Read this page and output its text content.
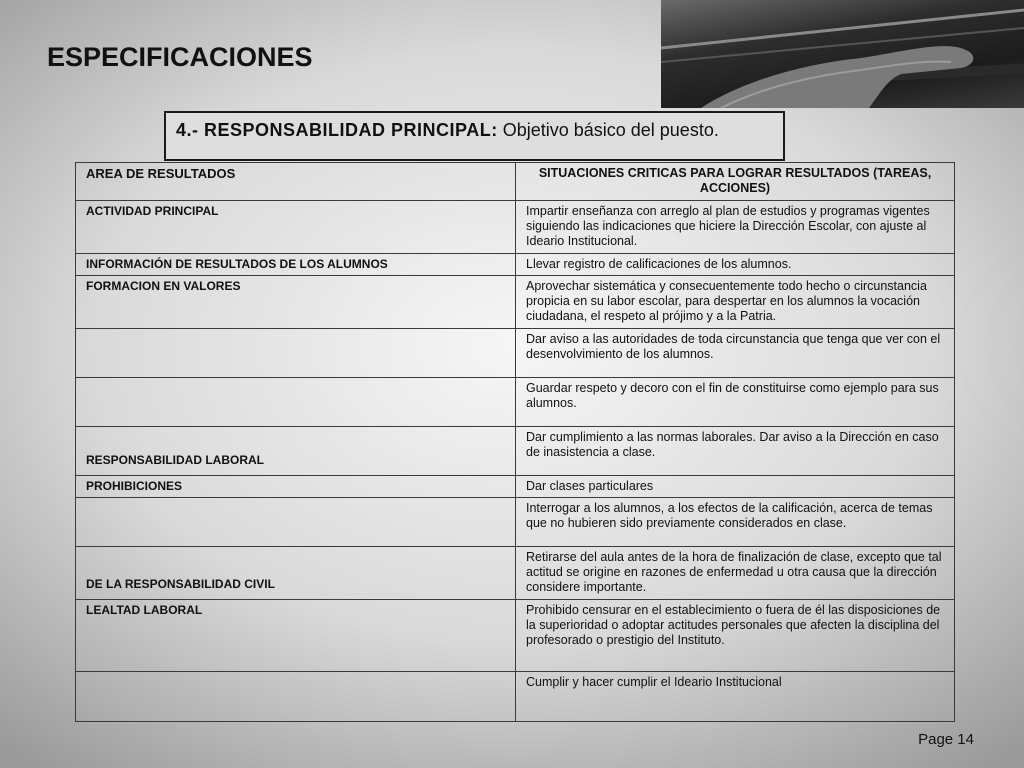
ESPECIFICACIONES
4.- RESPONSABILIDAD PRINCIPAL: Objetivo básico del puesto.
AREA DE RESULTADOS	SITUACIONES CRITICAS PARA LOGRAR RESULTADOS (TAREAS, ACCIONES)
ACTIVIDAD PRINCIPAL	Impartir enseñanza con arreglo al plan de estudios y programas vigentes siguiendo las indicaciones que hiciere la Dirección Escolar, con ajuste al Ideario Institucional.
INFORMACIÓN DE RESULTADOS DE LOS ALUMNOS	Llevar registro de calificaciones de los alumnos.
FORMACION EN VALORES	Aprovechar sistemática y consecuentemente todo hecho o circunstancia propicia en su labor escolar, para despertar en los alumnos la vocación ciudadana, el respeto al prójimo y a la Patria.
	Dar aviso a las autoridades de toda circunstancia que tenga que ver con el desenvolvimiento de los alumnos.
	Guardar respeto y decoro con el fin de constituirse como ejemplo para sus alumnos.
RESPONSABILIDAD LABORAL	Dar cumplimiento a las normas laborales. Dar aviso a la Dirección en caso de inasistencia a clase.
PROHIBICIONES	Dar clases particulares
	Interrogar a los alumnos, a los efectos de la calificación, acerca de temas que no hubieren sido previamente considerados en clase.
DE LA RESPONSABILIDAD CIVIL	Retirarse del aula antes de la hora de finalización de clase, excepto que tal actitud se origine en razones de enfermedad u otra causa que la dirección considere importante.
LEALTAD LABORAL	Prohibido censurar en el establecimiento o fuera de él las disposiciones de la superioridad o adoptar actitudes personales que afecten la disciplina del profesorado o prestigio del Instituto.
	Cumplir y hacer cumplir el Ideario Institucional
Page 14
